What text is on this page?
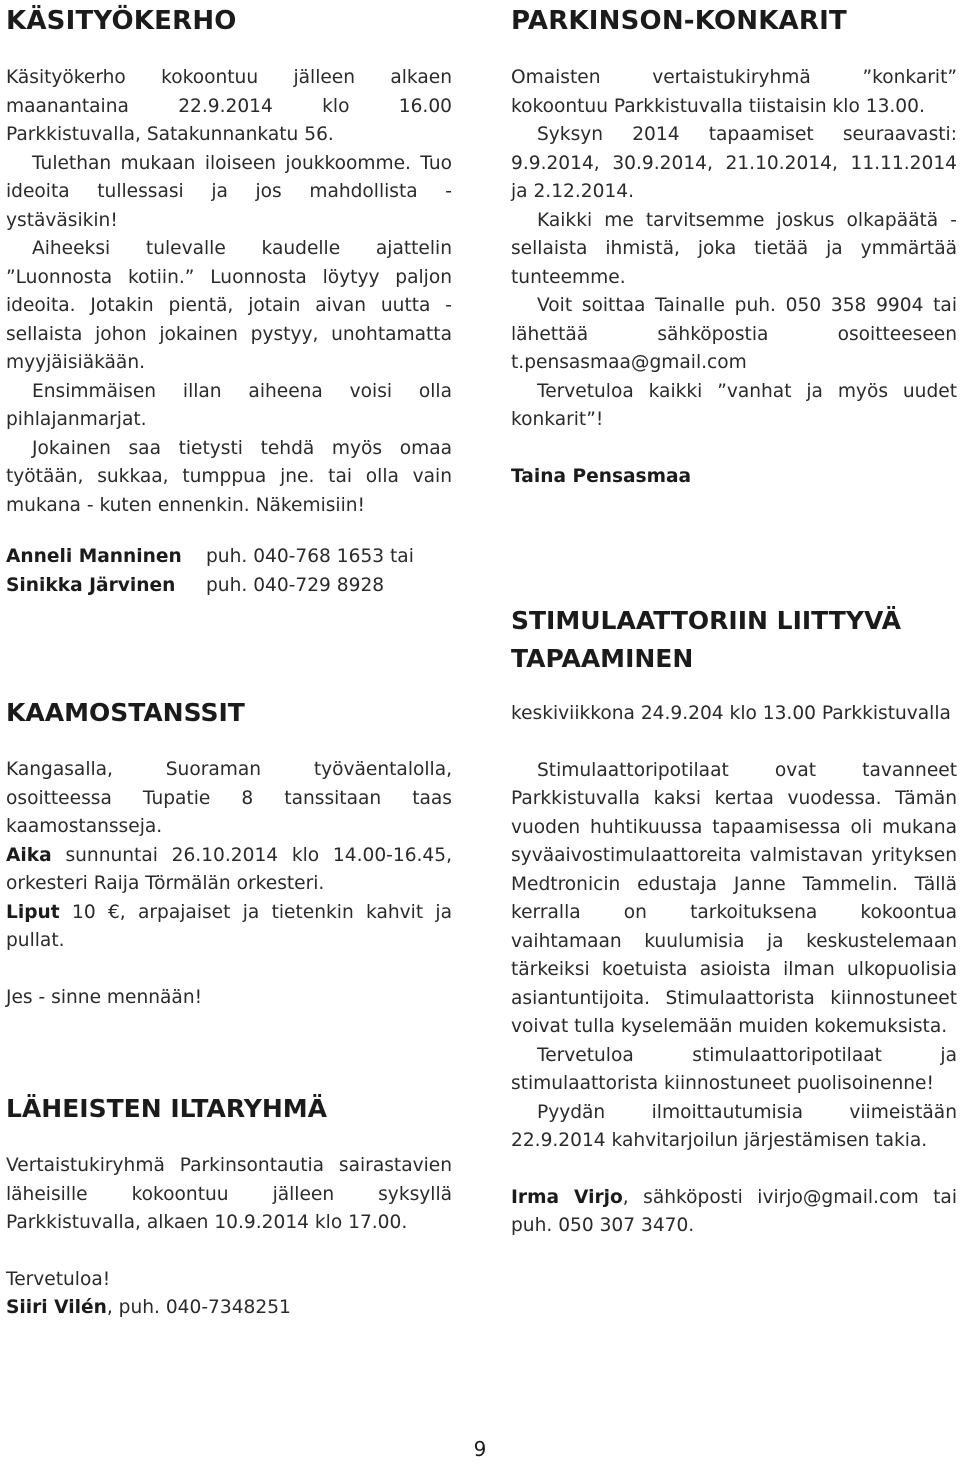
KÄSITYÖKERHO

Käsityökerho kokoontuu jälleen alkaen maanantaina 22.9.2014 klo 16.00 Parkkistuvalla, Satakunnankatu 56.

Tulethan mukaan iloiseen joukkoomme. Tuo ideoita tullessasi ja jos mahdollista - ystäväsikin!

Aiheeksi tulevalle kaudelle ajattelin ”Luonnosta kotiin.” Luonnosta löytyy paljon ideoita. Jotakin pientä, jotain aivan uutta - sellaista johon jokainen pystyy, unohtamatta myyjäisiäkään.

Ensimmäisen illan aiheena voisi olla pihlajanmarjat.

Jokainen saa tietysti tehdä myös omaa työtään, sukkaa, tumppua jne. tai olla vain mukana - kuten ennenkin. Näkemisiin!

Anneli Manninen puh. 040-768 1653 tai
Sinikka Järvinen puh. 040-729 8928
KAAMOSTANSSIT

Kangasalla, Suoraman työväentalolla, osoitteessa Tupatie 8 tanssitaan taas kaamostanssejа.

Aika sunnuntai 26.10.2014 klo 14.00-16.45, orkesteri Raija Törmälän orkesteri.

Liput 10 €, arpajaiset ja tietenkin kahvit ja pullat.

Jes - sinne mennään!

LÄHEISTEN ILTARYHMÄ

Vertaistukiryhmä Parkinsontautia sairastavien läheisille kokoontuu jälleen syksyllä Parkkistuvalla, alkaen 10.9.2014 klo 17.00.

Tervetuloa!

Siiri Vilén, puh. 040-7348251

PARKINSON-KONKARIT

Omaisten vertaistukiryhmä ”konkarit” kokoontuu Parkkistuvalla tiistaisin klo 13.00.

Syksyn 2014 tapaamiset seuraavasti: 9.9.2014, 30.9.2014, 21.10.2014, 11.11.2014 ja 2.12.2014.

Kaikki me tarvitsemme joskus olkapäätä - sellaista ihmistä, joka tietää ja ymmärtää tunteemme.

Voit soittaa Tainalle puh. 050 358 9904 tai lähettää sähköpostia osoitteeseen t.pensasmaa@gmail.com

Tervetuloa kaikki ”vanhat ja myös uudet konkarit”!

Taina Pensasmaa

STIMULAATTORIIN LIITTYVÄ TAPAAMINEN

keskiviikkona 24.9.204 klo 13.00 Parkkistuvalla

Stimulaattoripotilaat ovat tavanneet Parkkistuvalla kaksi kertaa vuodessa. Tämän vuoden huhtikuussa tapaamisessa oli mukana syväaivostimulaattoreita valmistavan yrityksen Medtronicin edustaja Janne Tammelin. Tällä kerralla on tarkoituksena kokoontua vaihtamaan kuulumisia ja keskustelemaan tärkeiksi koetuista asioista ilman ulkopuolisia asiantuntijoita. Stimulaattorista kiinnostuneet voivat tulla kyselemään muiden kokemuksista.

Tervetuloa stimulaattoripotilaat ja stimulaattorista kiinnostuneet puolisoinenne!

Pyydän ilmoittautumisia viimeistään 22.9.2014 kahvitarjoilun järjestämisen takia.

Irma Virjo, sähköposti ivirjo@gmail.com tai puh. 050 307 3470.

9
